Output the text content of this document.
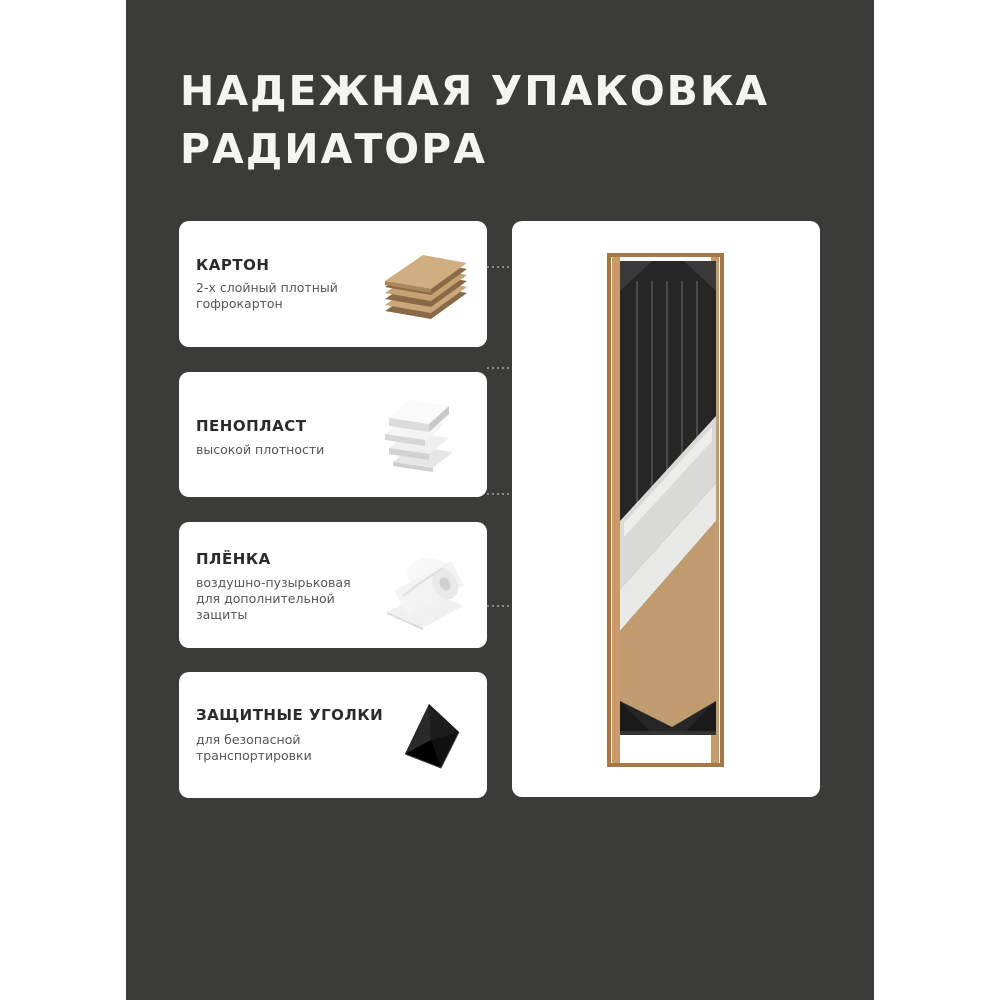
НАДЕЖНАЯ УПАКОВКА
РАДИАТОРА
КАРТОН
2-х слойный плотный
гофрокартон
ПЕНОПЛАСТ
высокой плотности
ПЛЁНКА
воздушно-пузырьковая
для дополнительной
защиты
ЗАЩИТНЫЕ УГОЛКИ
для безопасной
транспортировки
